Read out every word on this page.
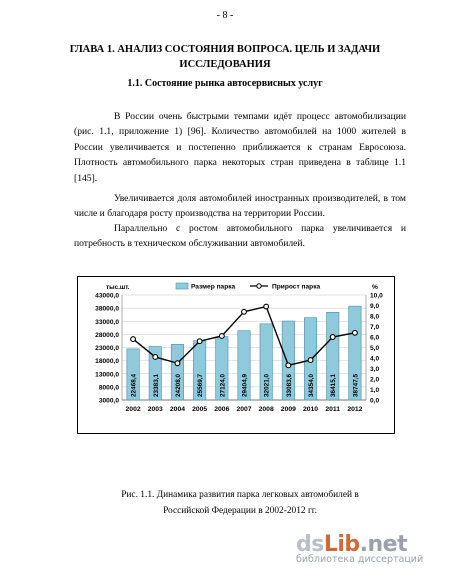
- 8 -
ГЛАВА 1. АНАЛИЗ СОСТОЯНИЯ ВОПРОСА. ЦЕЛЬ И ЗАДАЧИ ИССЛЕДОВАНИЯ
1.1. Состояние рынка автосервисных услуг

В России очень быстрыми темпами идёт процесс автомобилизации (рис. 1.1, приложение 1) [96]. Количество автомобилей на 1000 жителей в России увеличивается и постепенно приближается к странам Евросоюза. Плотность автомобильного парка некоторых стран приведена в таблице 1.1 [145].

Увеличивается доля автомобилей иностранных производителей, в том числе и благодаря росту производства на территории России.

Параллельно с ростом автомобильного парка увеличивается и потребность в техническом обслуживании автомобилей.

3000,0
8000,0
13000,0
18000,0
23000,0
28000,0
33000,0
38000,0
43000,0
0,0
1,0
2,0
3,0
4,0
5,0
6,0
7,0
8,0
9,0
10,0
тыс.шт.	%
22468,4 23383,1 24208,0 25569,7 27124,0 29404,9 32021,0 33083,6 34354,0 36415,1 38747,5
2002 2003 2004 2005 2006 2007 2008 2009 2010 2011 2012
Размер парка	Прирост парка
Рис. 1.1. Динамика развития парка легковых автомобилей в
Российской Федерации в 2002-2012 гг.
ds Lib .net
библиотека диссертаций
